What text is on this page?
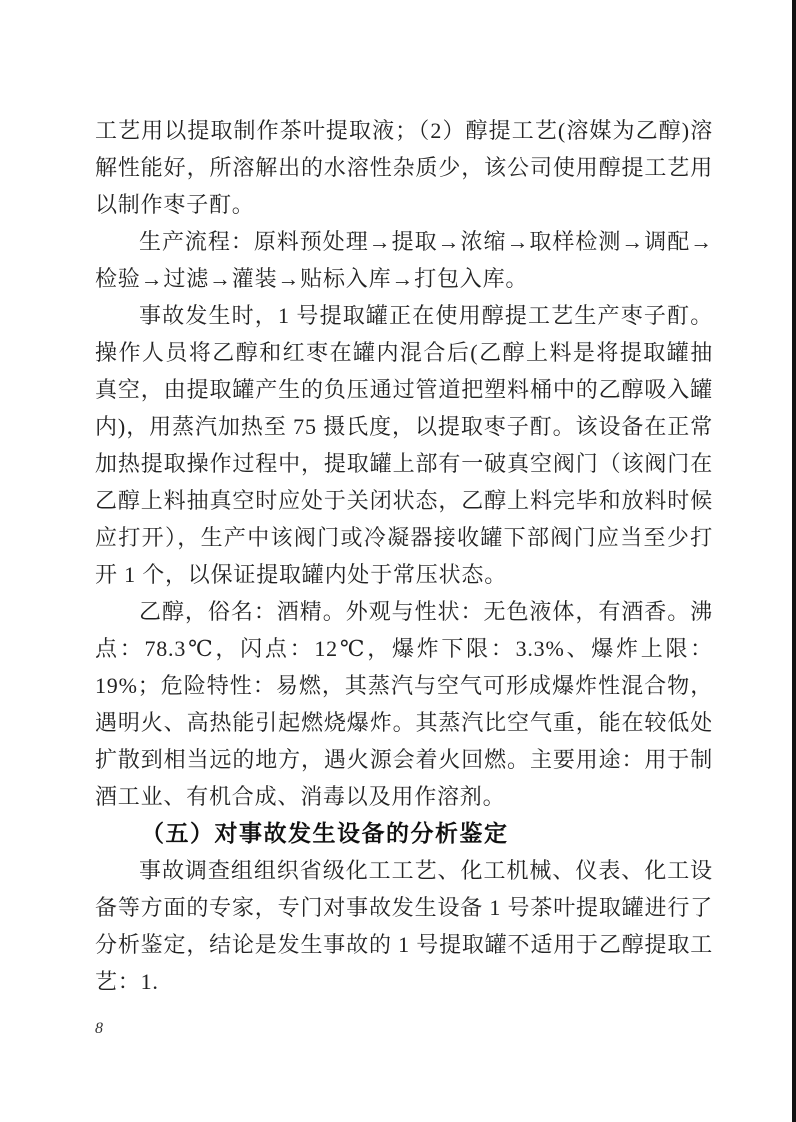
工艺用以提取制作茶叶提取液；（2）醇提工艺(溶媒为乙醇)溶解性能好，所溶解出的水溶性杂质少，该公司使用醇提工艺用以制作枣子酊。

生产流程：原料预处理→提取→浓缩→取样检测→调配→检验→过滤→灌装→贴标入库→打包入库。

事故发生时，1 号提取罐正在使用醇提工艺生产枣子酊。操作人员将乙醇和红枣在罐内混合后(乙醇上料是将提取罐抽真空，由提取罐产生的负压通过管道把塑料桶中的乙醇吸入罐内)，用蒸汽加热至 75 摄氏度，以提取枣子酊。该设备在正常加热提取操作过程中，提取罐上部有一破真空阀门（该阀门在乙醇上料抽真空时应处于关闭状态，乙醇上料完毕和放料时候应打开），生产中该阀门或冷凝器接收罐下部阀门应当至少打开 1 个，以保证提取罐内处于常压状态。

乙醇，俗名：酒精。外观与性状：无色液体，有酒香。沸点：78.3℃，闪点：12℃，爆炸下限：3.3%、爆炸上限：19%；危险特性：易燃，其蒸汽与空气可形成爆炸性混合物，遇明火、高热能引起燃烧爆炸。其蒸汽比空气重，能在较低处扩散到相当远的地方，遇火源会着火回燃。主要用途：用于制酒工业、有机合成、消毒以及用作溶剂。

（五）对事故发生设备的分析鉴定

事故调查组组织省级化工工艺、化工机械、仪表、化工设备等方面的专家，专门对事故发生设备 1 号茶叶提取罐进行了分析鉴定，结论是发生事故的 1 号提取罐不适用于乙醇提取工艺：1.

8
